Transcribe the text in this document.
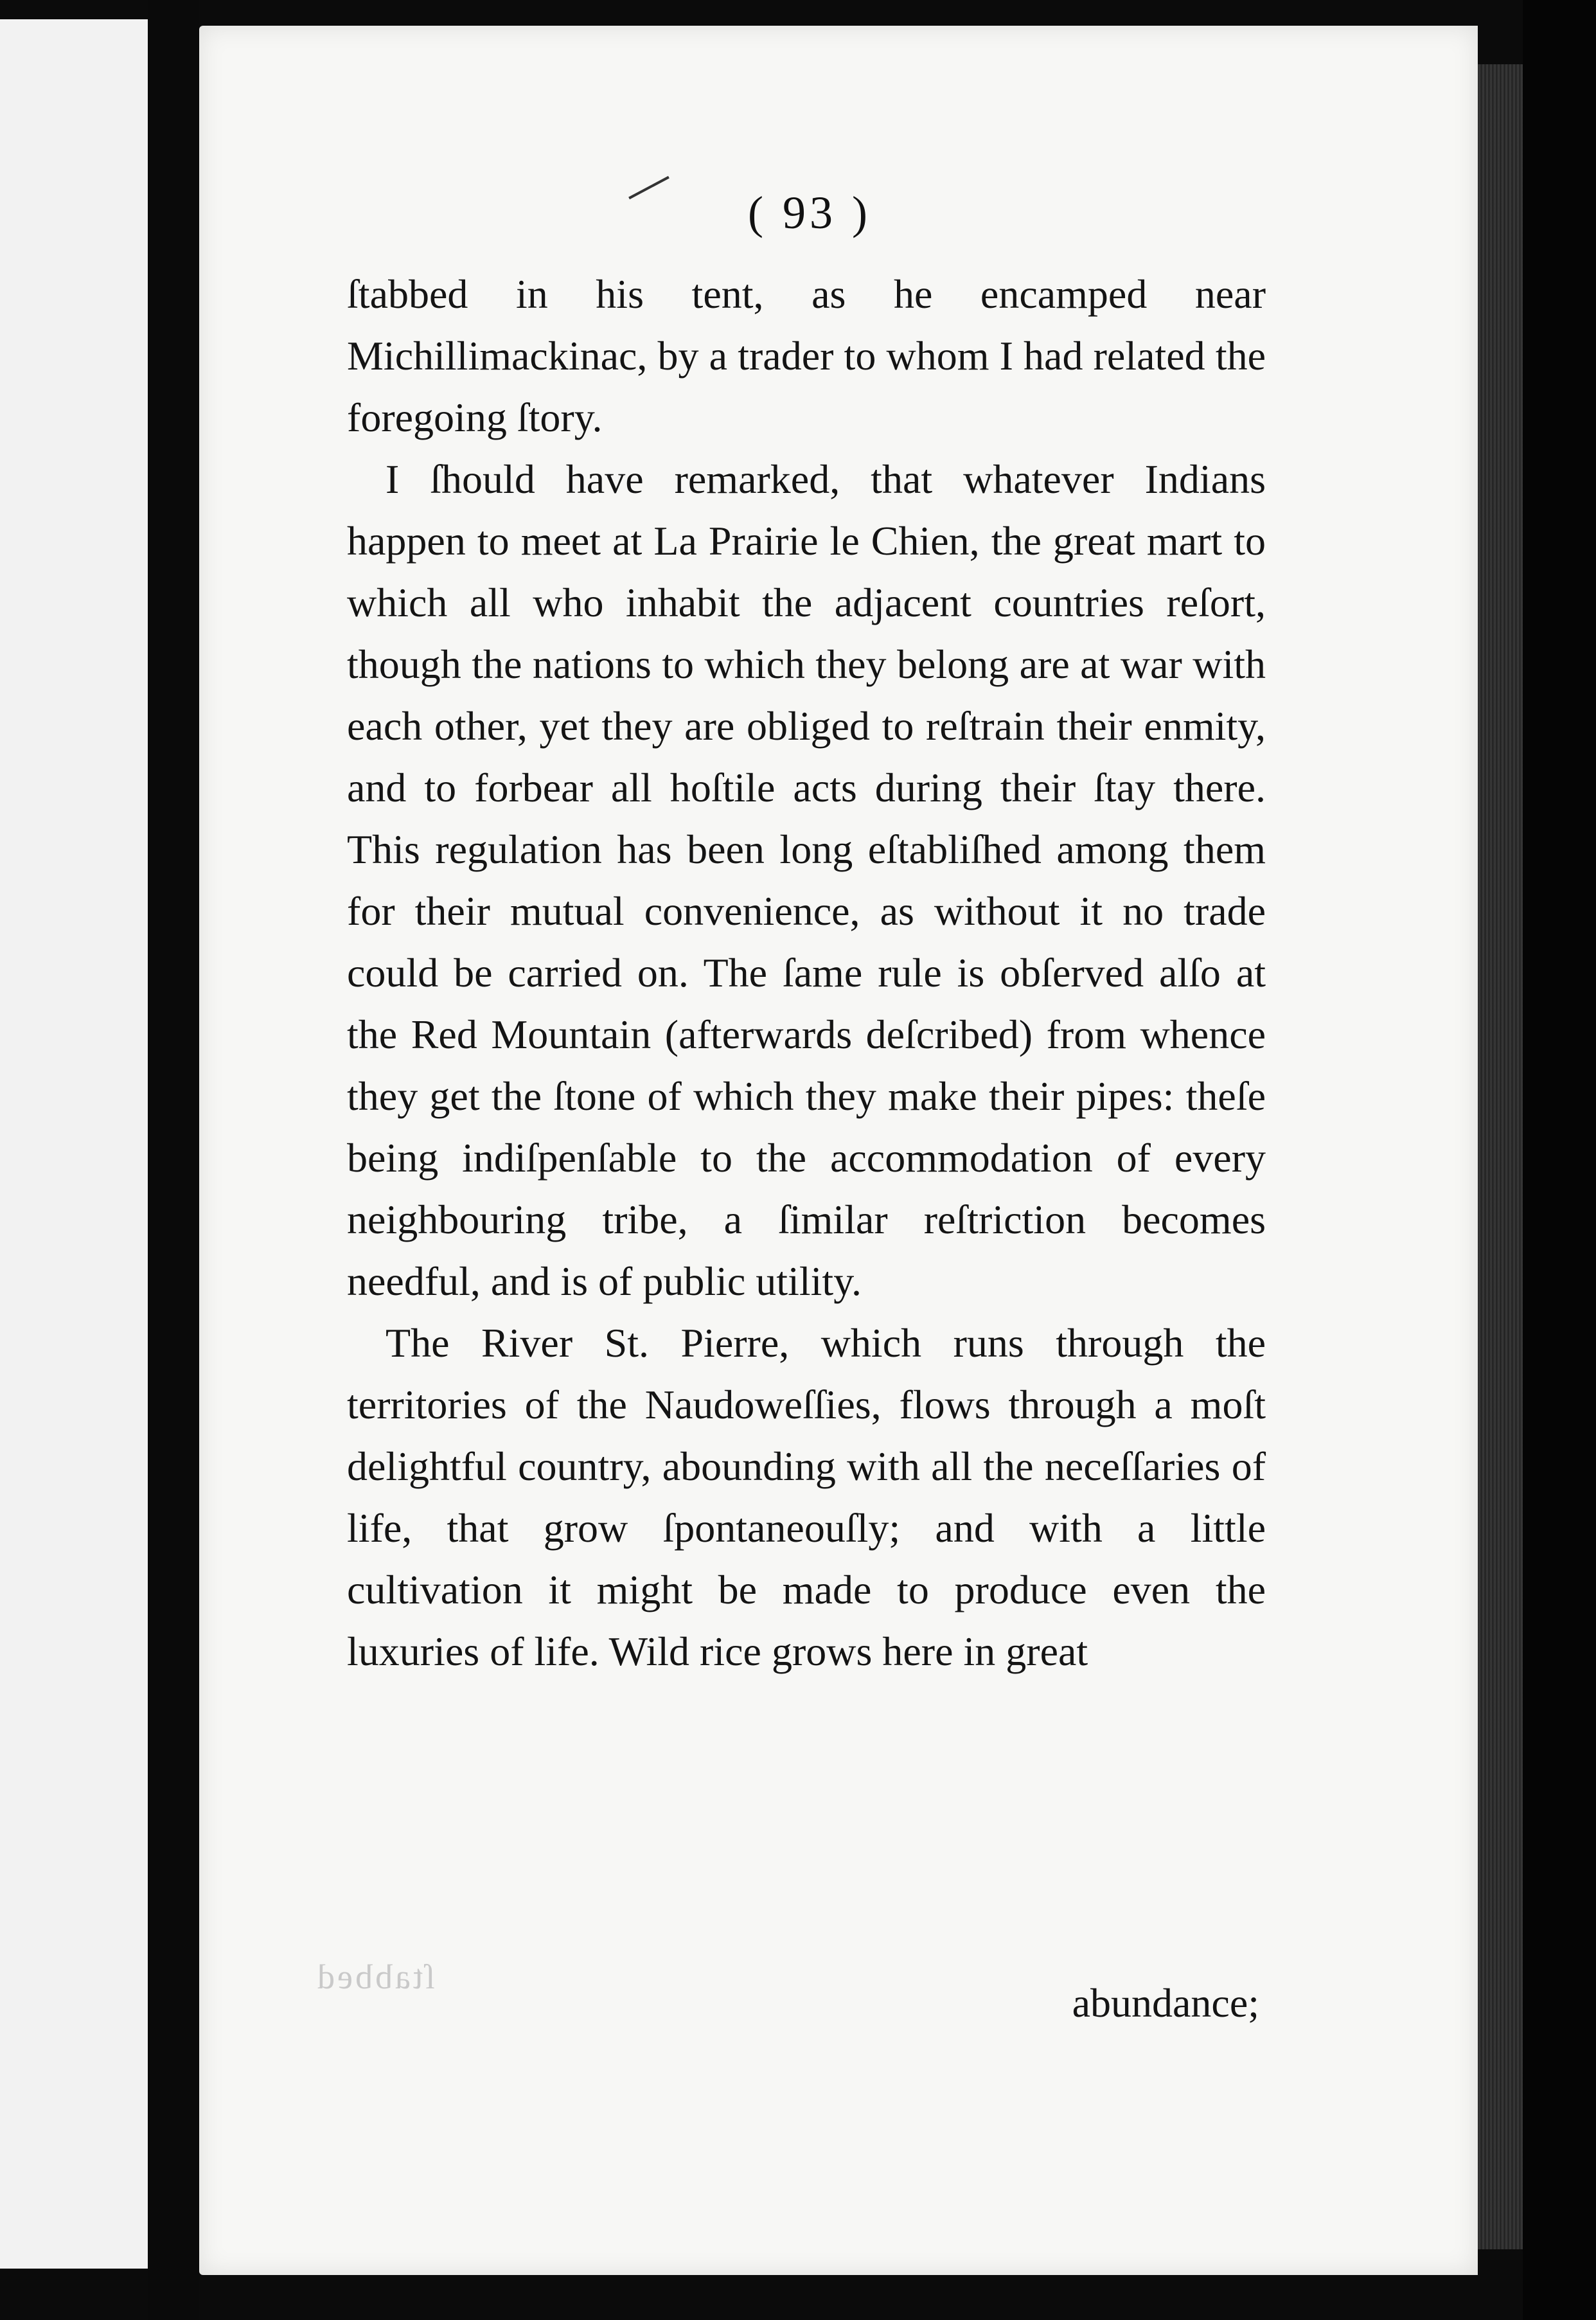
( 93 )

ſtabbed in his tent, as he encamped near Michillimackinac, by a trader to whom I had related the foregoing ſtory.

I ſhould have remarked, that whatever Indians happen to meet at La Prairie le Chien, the great mart to which all who inhabit the adjacent countries reſort, though the nations to which they belong are at war with each other, yet they are obliged to reſtrain their enmity, and to forbear all hoſtile acts during their ſtay there. This regulation has been long eſtabliſhed among them for their mutual convenience, as without it no trade could be carried on. The ſame rule is obſerved alſo at the Red Mountain (afterwards deſcribed) from whence they get the ſtone of which they make their pipes: theſe being indiſpenſable to the accommodation of every neighbouring tribe, a ſimilar reſtriction becomes needful, and is of public utility.

The River St. Pierre, which runs through the territories of the Naudoweſſies, flows through a moſt delightful country, abounding with all the neceſſaries of life, that grow ſpontaneouſly; and with a little cultivation it might be made to produce even the luxuries of life. Wild rice grows here in great

ſtabbed
abundance;
